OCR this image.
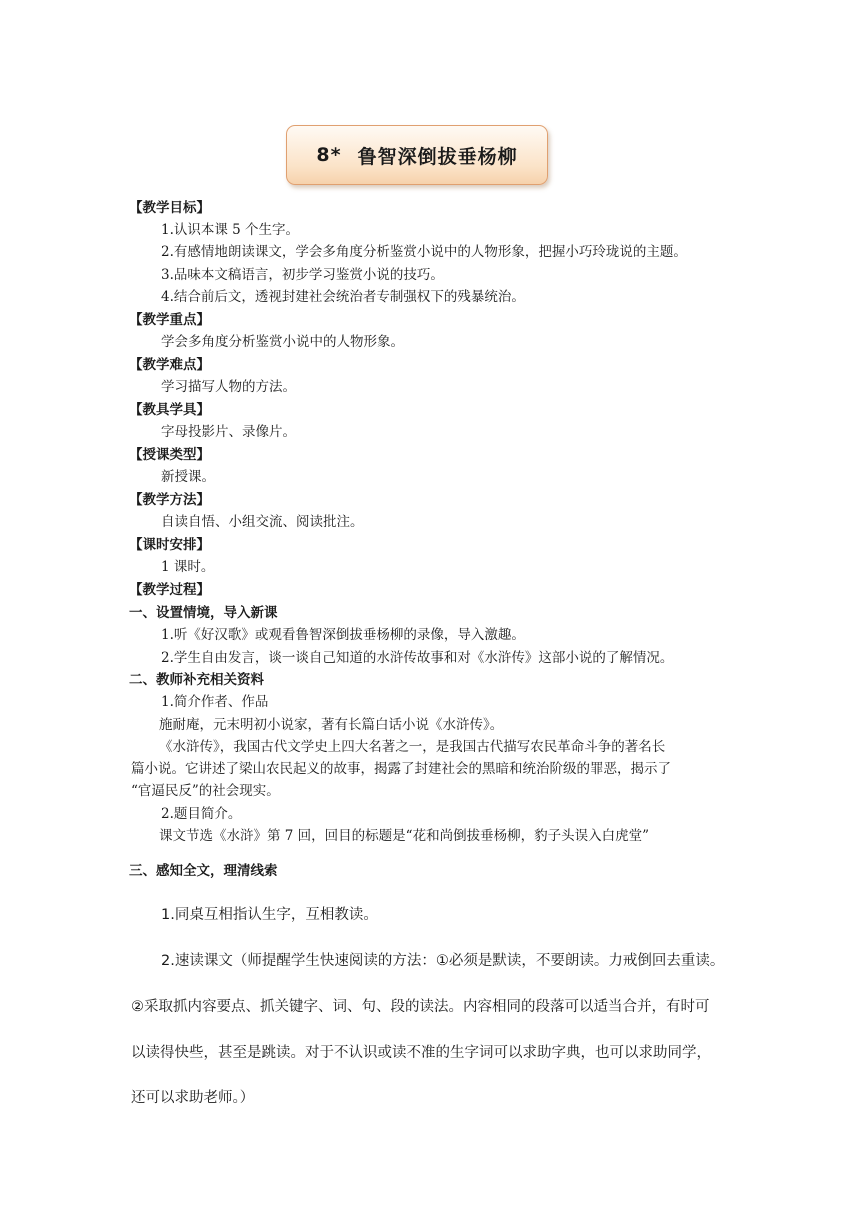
8* 鲁智深倒拔垂杨柳
【教学目标】
1.认识本课 5 个生字。
2.有感情地朗读课文，学会多角度分析鉴赏小说中的人物形象，把握小巧玲珑说的主题。
3.品味本文稿语言，初步学习鉴赏小说的技巧。
4.结合前后文，透视封建社会统治者专制强权下的残暴统治。
【教学重点】
学会多角度分析鉴赏小说中的人物形象。
【教学难点】
学习描写人物的方法。
【教具学具】
字母投影片、录像片。
【授课类型】
新授课。
【教学方法】
自读自悟、小组交流、阅读批注。
【课时安排】
1 课时。
【教学过程】
一、设置情境，导入新课
1.听《好汉歌》或观看鲁智深倒拔垂杨柳的录像，导入激趣。
2.学生自由发言，谈一谈自己知道的水浒传故事和对《水浒传》这部小说的了解情况。
二、教师补充相关资料
1.简介作者、作品
施耐庵，元末明初小说家，著有长篇白话小说《水浒传》。
《水浒传》，我国古代文学史上四大名著之一，是我国古代描写农民革命斗争的著名长
篇小说。它讲述了梁山农民起义的故事，揭露了封建社会的黑暗和统治阶级的罪恶，揭示了
“官逼民反”的社会现实。
2.题目简介。
课文节选《水浒》第 7 回，回目的标题是“花和尚倒拔垂杨柳，豹子头误入白虎堂”
三、感知全文，理清线索
1.同桌互相指认生字，互相教读。
2.速读课文（师提醒学生快速阅读的方法：①必须是默读，不要朗读。力戒倒回去重读。
②采取抓内容要点、抓关键字、词、句、段的读法。内容相同的段落可以适当合并，有时可
以读得快些，甚至是跳读。对于不认识或读不准的生字词可以求助字典，也可以求助同学，
还可以求助老师。）
